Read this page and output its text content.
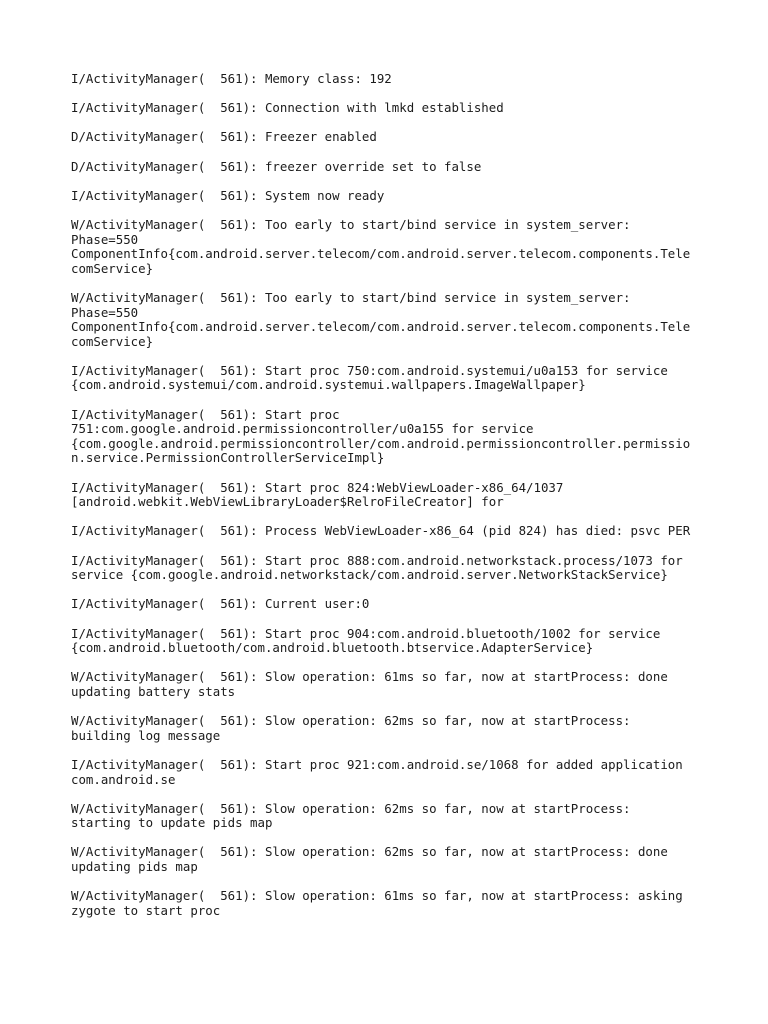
I/ActivityManager(  561): Memory class: 192
I/ActivityManager(  561): Connection with lmkd established
D/ActivityManager(  561): Freezer enabled
D/ActivityManager(  561): freezer override set to false
I/ActivityManager(  561): System now ready
W/ActivityManager(  561): Too early to start/bind service in system_server:
Phase=550
ComponentInfo{com.android.server.telecom/com.android.server.telecom.components.Tele
comService}
W/ActivityManager(  561): Too early to start/bind service in system_server:
Phase=550
ComponentInfo{com.android.server.telecom/com.android.server.telecom.components.Tele
comService}
I/ActivityManager(  561): Start proc 750:com.android.systemui/u0a153 for service
{com.android.systemui/com.android.systemui.wallpapers.ImageWallpaper}
I/ActivityManager(  561): Start proc
751:com.google.android.permissioncontroller/u0a155 for service
{com.google.android.permissioncontroller/com.android.permissioncontroller.permissio
n.service.PermissionControllerServiceImpl}
I/ActivityManager(  561): Start proc 824:WebViewLoader-x86_64/1037
[android.webkit.WebViewLibraryLoader$RelroFileCreator] for
I/ActivityManager(  561): Process WebViewLoader-x86_64 (pid 824) has died: psvc PER
I/ActivityManager(  561): Start proc 888:com.android.networkstack.process/1073 for
service {com.google.android.networkstack/com.android.server.NetworkStackService}
I/ActivityManager(  561): Current user:0
I/ActivityManager(  561): Start proc 904:com.android.bluetooth/1002 for service
{com.android.bluetooth/com.android.bluetooth.btservice.AdapterService}
W/ActivityManager(  561): Slow operation: 61ms so far, now at startProcess: done
updating battery stats
W/ActivityManager(  561): Slow operation: 62ms so far, now at startProcess:
building log message
I/ActivityManager(  561): Start proc 921:com.android.se/1068 for added application
com.android.se
W/ActivityManager(  561): Slow operation: 62ms so far, now at startProcess:
starting to update pids map
W/ActivityManager(  561): Slow operation: 62ms so far, now at startProcess: done
updating pids map
W/ActivityManager(  561): Slow operation: 61ms so far, now at startProcess: asking
zygote to start proc
